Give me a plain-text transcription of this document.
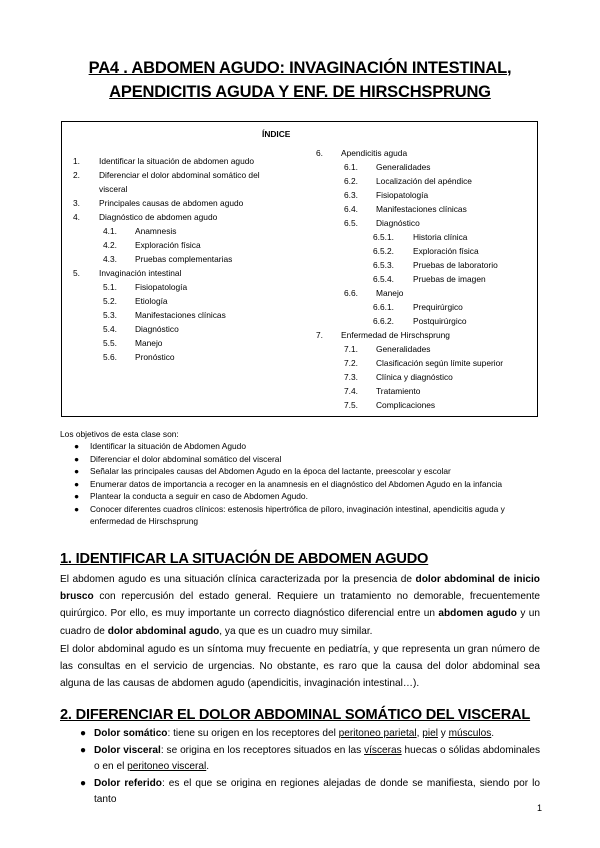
PA4 . ABDOMEN AGUDO: INVAGINACIÓN INTESTINAL,
APENDICITIS AGUDA Y ENF. DE HIRSCHSPRUNG
ÍNDICE
1. Identificar la situación de abdomen agudo
2. Diferenciar el dolor abdominal somático del
visceral
3. Principales causas de abdomen agudo
4. Diagnóstico de abdomen agudo
4.1. Anamnesis
4.2. Exploración física
4.3. Pruebas complementarias
5. Invaginación intestinal
5.1. Fisiopatología
5.2. Etiología
5.3. Manifestaciones clínicas
5.4. Diagnóstico
5.5. Manejo
5.6. Pronóstico
6. Apendicitis aguda
6.1. Generalidades
6.2. Localización del apéndice
6.3. Fisiopatología
6.4. Manifestaciones clínicas
6.5. Diagnóstico
6.5.1. Historia clínica
6.5.2. Exploración física
6.5.3. Pruebas de laboratorio
6.5.4. Pruebas de imagen
6.6. Manejo
6.6.1. Prequirúrgico
6.6.2. Postquirúrgico
7. Enfermedad de Hirschsprung
7.1. Generalidades
7.2. Clasificación según límite superior
7.3. Clínica y diagnóstico
7.4. Tratamiento
7.5. Complicaciones
Los objetivos de esta clase son:
● Identificar la situación de Abdomen Agudo
● Diferenciar el dolor abdominal somático del visceral
● Señalar las principales causas del Abdomen Agudo en la época del lactante, preescolar y escolar
● Enumerar datos de importancia a recoger en la anamnesis en el diagnóstico del Abdomen Agudo en la infancia
● Plantear la conducta a seguir en caso de Abdomen Agudo.
● Conocer diferentes cuadros clínicos: estenosis hipertrófica de píloro, invaginación intestinal, apendicitis aguda y enfermedad de Hirschsprung
1. IDENTIFICAR LA SITUACIÓN DE ABDOMEN AGUDO
El abdomen agudo es una situación clínica caracterizada por la presencia de dolor abdominal de inicio brusco con repercusión del estado general. Requiere un tratamiento no demorable, frecuentemente quirúrgico. Por ello, es muy importante un correcto diagnóstico diferencial entre un abdomen agudo y un cuadro de dolor abdominal agudo, ya que es un cuadro muy similar.
El dolor abdominal agudo es un síntoma muy frecuente en pediatría, y que representa un gran número de las consultas en el servicio de urgencias. No obstante, es raro que la causa del dolor abdominal sea alguna de las causas de abdomen agudo (apendicitis, invaginación intestinal…).
2. DIFERENCIAR EL DOLOR ABDOMINAL SOMÁTICO DEL VISCERAL
● Dolor somático: tiene su origen en los receptores del peritoneo parietal, piel y músculos.
● Dolor visceral: se origina en los receptores situados en las vísceras huecas o sólidas abdominales o en el peritoneo visceral.
● Dolor referido: es el que se origina en regiones alejadas de donde se manifiesta, siendo por lo tanto
1
